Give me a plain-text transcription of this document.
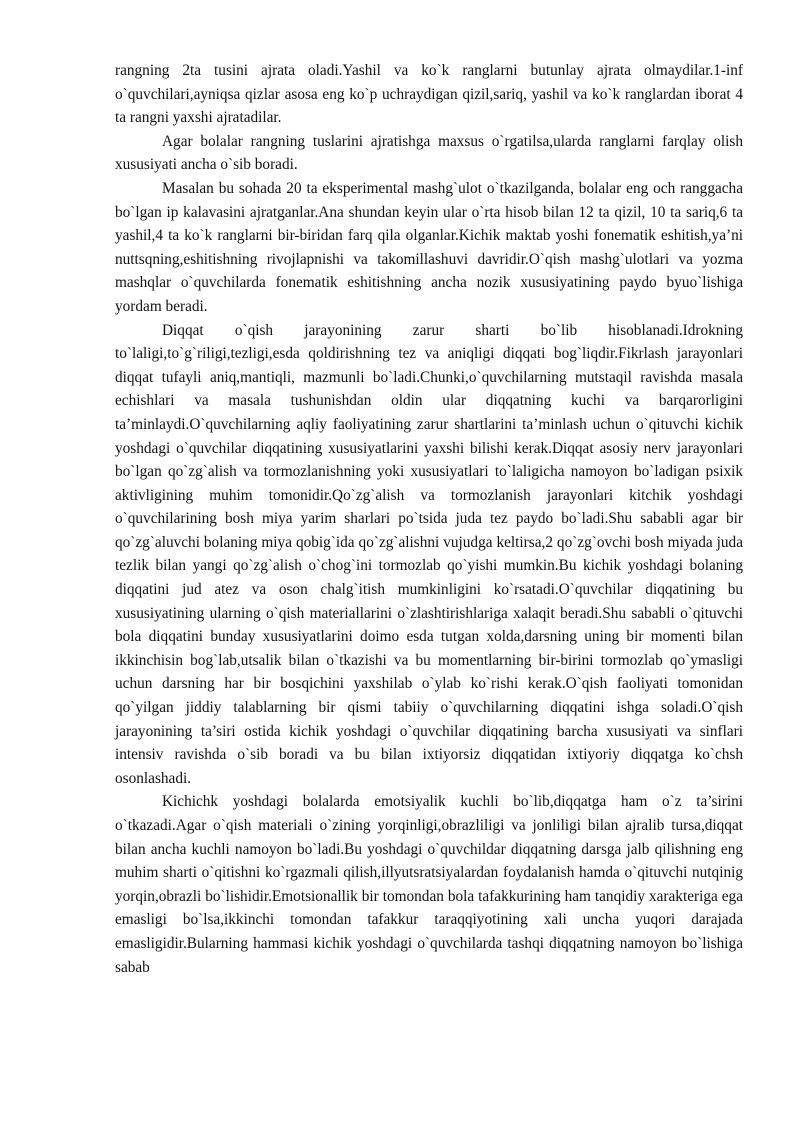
rangning 2ta tusini ajrata oladi.Yashil va ko`k ranglarni butunlay ajrata olmaydilar.1-inf o`quvchilari,ayniqsa qizlar asosa eng ko`p uchraydigan qizil,sariq, yashil va ko`k ranglardan iborat 4 ta rangni yaxshi ajratadilar.

Agar bolalar rangning tuslarini ajratishga maxsus o`rgatilsa,ularda ranglarni farqlay olish xususiyati ancha o`sib boradi.

Masalan bu sohada 20 ta eksperimental mashg`ulot o`tkazilganda, bolalar eng och ranggacha bo`lgan ip kalavasini ajratganlar.Ana shundan keyin ular o`rta hisob bilan 12 ta qizil, 10 ta sariq,6 ta yashil,4 ta ko`k ranglarni bir-biridan farq qila olganlar.Kichik maktab yoshi fonematik eshitish,ya’ni nuttsqning,eshitishning rivojlapnishi va takomillashuvi davridir.O`qish mashg`ulotlari va yozma mashqlar o`quvchilarda fonematik eshitishning ancha nozik xususiyatining paydo byuo`lishiga yordam beradi.

Diqqat o`qish jarayonining zarur sharti bo`lib hisoblanadi.Idrokning to`laligi,to`g`riligi,tezligi,esda qoldirishning tez va aniqligi diqqati bog`liqdir.Fikrlash jarayonlari diqqat tufayli aniq,mantiqli, mazmunli bo`ladi.Chunki,o`quvchilarning mutstaqil ravishda masala echishlari va masala tushunishdan oldin ular diqqatning kuchi va barqarorligini ta’minlaydi.O`quvchilarning aqliy faoliyatining zarur shartlarini ta’minlash uchun o`qituvchi kichik yoshdagi o`quvchilar diqqatining xususiyatlarini yaxshi bilishi kerak.Diqqat asosiy nerv jarayonlari bo`lgan qo`zg`alish va tormozlanishning yoki xususiyatlari to`laligicha namoyon bo`ladigan psixik aktivligining muhim tomonidir.Qo`zg`alish va tormozlanish jarayonlari kitchik yoshdagi o`quvchilarining bosh miya yarim sharlari po`tsida juda tez paydo bo`ladi.Shu sababli agar bir qo`zg`aluvchi bolaning miya qobig`ida qo`zg`alishni vujudga keltirsa,2 qo`zg`ovchi bosh miyada juda tezlik bilan yangi qo`zg`alish o`chog`ini tormozlab qo`yishi mumkin.Bu kichik yoshdagi bolaning diqqatini jud atez va oson chalg`itish mumkinligini ko`rsatadi.O`quvchilar diqqatining bu xususiyatining ularning o`qish materiallarini o`zlashtirishlariga xalaqit beradi.Shu sababli o`qituvchi bola diqqatini bunday xususiyatlarini doimo esda tutgan xolda,darsning uning bir momenti bilan ikkinchisin bog`lab,utsalik bilan o`tkazishi va bu momentlarning bir-birini tormozlab qo`ymasligi uchun darsning har bir bosqichini yaxshilab o`ylab ko`rishi kerak.O`qish faoliyati tomonidan qo`yilgan jiddiy talablarning bir qismi tabiiy o`quvchilarning diqqatini ishga soladi.O`qish jarayonining ta’siri ostida kichik yoshdagi o`quvchilar diqqatining barcha xususiyati va sinflari intensiv ravishda o`sib boradi va bu bilan ixtiyorsiz diqqatidan ixtiyoriy diqqatga ko`chsh osonlashadi.

Kichichk yoshdagi bolalarda emotsiyalik kuchli bo`lib,diqqatga ham o`z ta’sirini o`tkazadi.Agar o`qish materiali o`zining yorqinligi,obrazliligi va jonliligi bilan ajralib tursa,diqqat bilan ancha kuchli namoyon bo`ladi.Bu yoshdagi o`quvchildar diqqatning darsga jalb qilishning eng muhim sharti o`qitishni ko`rgazmali qilish,illyutsratsiyalardan foydalanish hamda o`qituvchi nutqinig yorqin,obrazli bo`lishidir.Emotsionallik bir tomondan bola tafakkurining ham tanqidiy xarakteriga ega emasligi bo`lsa,ikkinchi tomondan tafakkur taraqqiyotining xali uncha yuqori darajada emasligidir.Bularning hammasi kichik yoshdagi o`quvchilarda tashqi diqqatning namoyon bo`lishiga sabab
